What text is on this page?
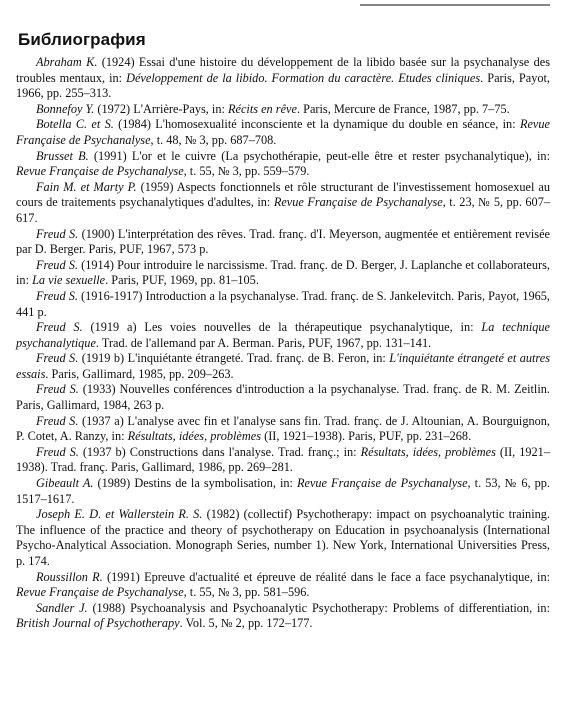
Библиография

Abraham K. (1924) Essai d'une histoire du développement de la libido basée sur la psychanalyse des troubles mentaux, in: Développement de la libido. Formation du caractère. Etudes cliniques. Paris, Payot, 1966, pp. 255–313.

Bonnefoy Y. (1972) L'Arrière-Pays, in: Récits en rêve. Paris, Mercure de France, 1987, pp. 7–75.

Botella C. et S. (1984) L'homosexualité inconsciente et la dynamique du double en séance, in: Revue Française de Psychanalyse, t. 48, № 3, pp. 687–708.

Brusset B. (1991) L'or et le cuivre (La psychothérapie, peut-elle être et rester psychanalytique), in: Revue Française de Psychanalyse, t. 55, № 3, pp. 559–579.

Fain M. et Marty P. (1959) Aspects fonctionnels et rôle structurant de l'investissement homosexuel au cours de traitements psychanalytiques d'adultes, in: Revue Française de Psychanalyse, t. 23, № 5, pp. 607–617.

Freud S. (1900) L'interprétation des rêves. Trad. franç. d'I. Meyerson, augmentée et entièrement revisée par D. Berger. Paris, PUF, 1967, 573 p.

Freud S. (1914) Pour introduire le narcissisme. Trad. franç. de D. Berger, J. Laplanche et collaborateurs, in: La vie sexuelle. Paris, PUF, 1969, pp. 81–105.

Freud S. (1916-1917) Introduction a la psychanalyse. Trad. franç. de S. Jankelevitch. Paris, Payot, 1965, 441 p.

Freud S. (1919 a) Les voies nouvelles de la thérapeutique psychanalytique, in: La technique psychanalytique. Trad. de l'allemand par A. Berman. Paris, PUF, 1967, pp. 131–141.

Freud S. (1919 b) L'inquiétante étrangeté. Trad. franç. de B. Feron, in: L'inquiétante étrangeté et autres essais. Paris, Gallimard, 1985, pp. 209–263.

Freud S. (1933) Nouvelles conférences d'introduction a la psychanalyse. Trad. franç. de R. M. Zeitlin. Paris, Gallimard, 1984, 263 p.

Freud S. (1937 a) L'analyse avec fin et l'analyse sans fin. Trad. franç. de J. Altounian, A. Bourguignon, P. Cotet, A. Ranzy, in: Résultats, idées, problèmes (II, 1921–1938). Paris, PUF, pp. 231–268.

Freud S. (1937 b) Constructions dans l'analyse. Trad. franç.; in: Résultats, idées, problèmes (II, 1921–1938). Trad. franç. Paris, Gallimard, 1986, pp. 269–281.

Gibeault A. (1989) Destins de la symbolisation, in: Revue Française de Psychanalyse, t. 53, № 6, pp. 1517–1617.

Joseph E. D. et Wallerstein R. S. (1982) (collectif) Psychotherapy: impact on psychoanalytic training. The influence of the practice and theory of psychotherapy on Education in psychoanalysis (International Psycho-Analytical Association. Monograph Series, number 1). New York, International Universities Press, p. 174.

Roussillon R. (1991) Epreuve d'actualité et épreuve de réalité dans le face a face psychanalytique, in: Revue Française de Psychanalyse, t. 55, № 3, pp. 581–596.

Sandler J. (1988) Psychoanalysis and Psychoanalytic Psychotherapy: Problems of differentiation, in: British Journal of Psychotherapy. Vol. 5, № 2, pp. 172–177.
